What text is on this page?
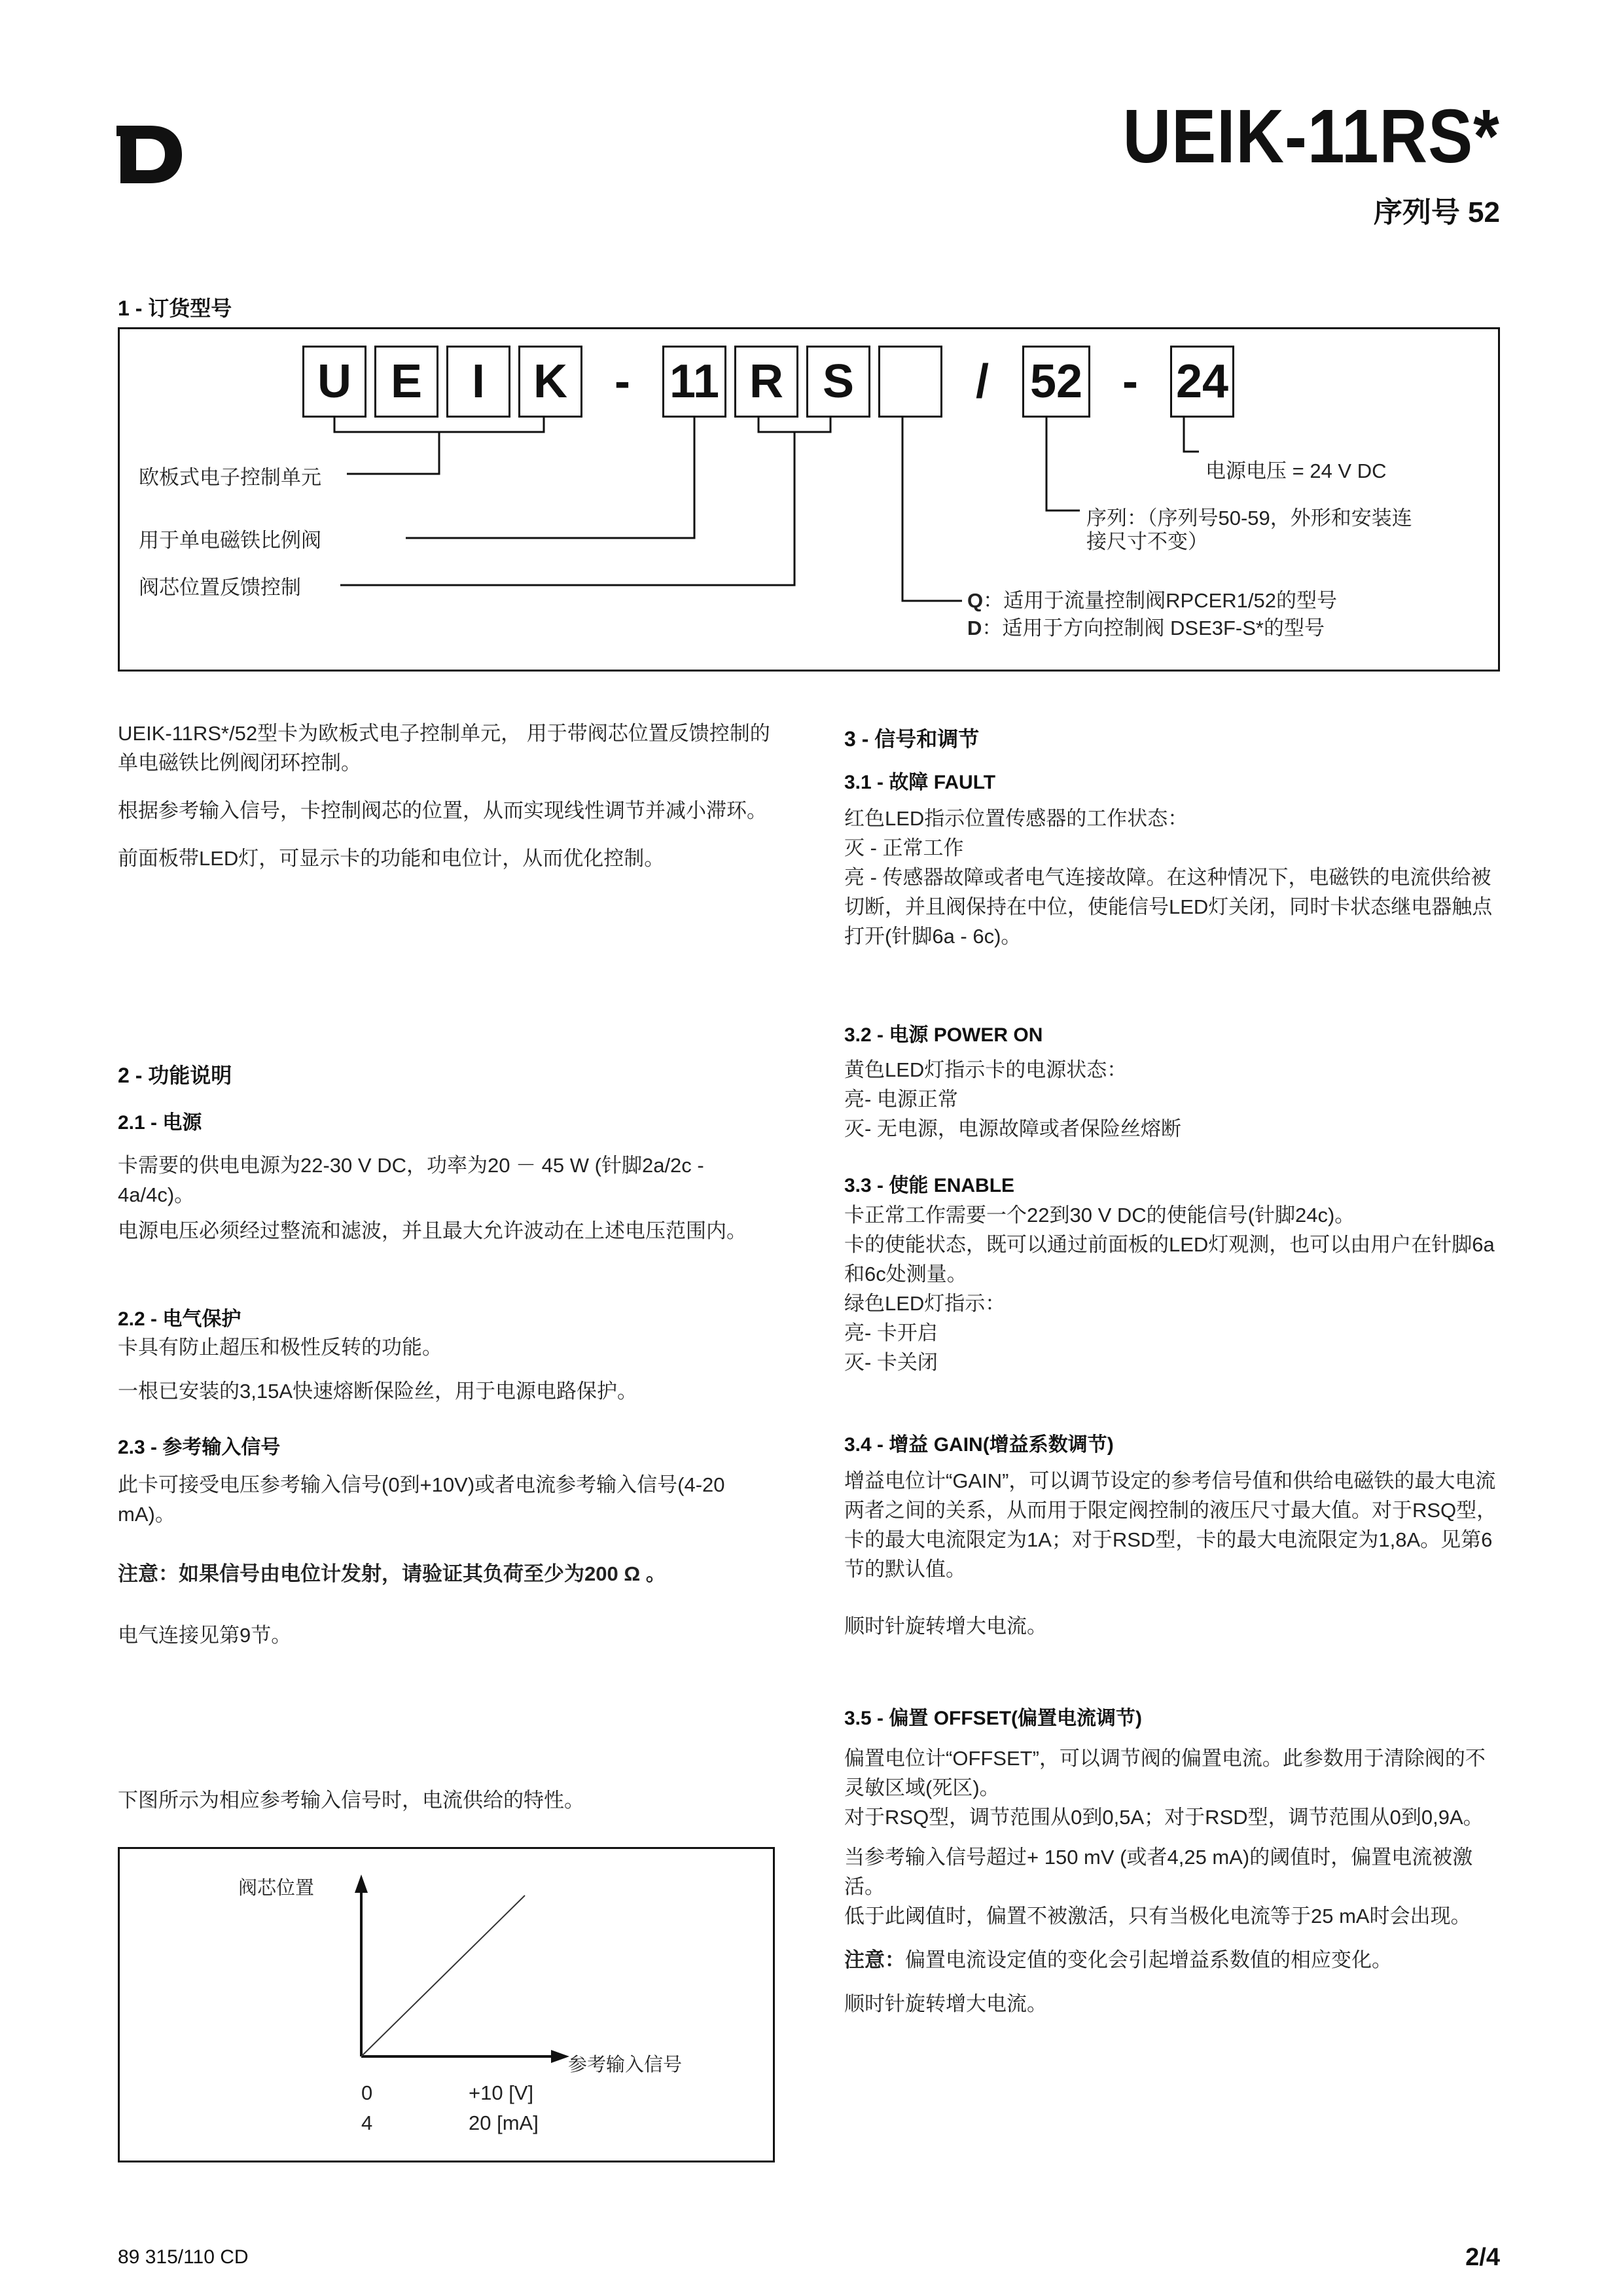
UEIK-11RS*
序列号 52
1 - 订货型号
U E	I	K	- 11 R S	/ 52 - 24
欧板式电子控制单元
用于单电磁铁比例阀
阀芯位置反馈控制
电源电压 = 24 V DC
序列：（序列号50-59，外形和安装连
接尺寸不变）
Q：适用于流量控制阀RPCER1/52的型号
D：适用于方向控制阀 DSE3F-S*的型号

UEIK-11RS*/52型卡为欧板式电子控制单元， 用于带阀芯位置反馈控制的单电磁铁比例阀闭环控制。

根据参考输入信号，卡控制阀芯的位置，从而实现线性调节并减小滞环。

前面板带LED灯，可显示卡的功能和电位计，从而优化控制。

2 - 功能说明
2.1 - 电源

卡需要的供电电源为22-30 V DC，功率为20 － 45 W (针脚2a/2c - 4a/4c)。

电源电压必须经过整流和滤波，并且最大允许波动在上述电压范围内。

2.2 - 电气保护

卡具有防止超压和极性反转的功能。

一根已安装的3,15A快速熔断保险丝，用于电源电路保护。

2.3 - 参考输入信号
此卡可接受电压参考输入信号(0到+10V)或者电流参考输入信号(4-20 mA)。
注意：如果信号由电位计发射，请验证其负荷至少为200 Ω 。
电气连接见第9节。
下图所示为相应参考输入信号时，电流供给的特性。
阀芯位置
参考输入信号
0	+10 [V]
4	20 [mA]
3 - 信号和调节
3.1 - 故障 FAULT
红色LED指示位置传感器的工作状态：
灭 - 正常工作
亮 - 传感器故障或者电气连接故障。在这种情况下，电磁铁的电流供给被切断，并且阀保持在中位，使能信号LED灯关闭，同时卡状态继电器触点打开(针脚6a - 6c)。
3.2 - 电源 POWER ON
黄色LED灯指示卡的电源状态：
亮- 电源正常
灭- 无电源，电源故障或者保险丝熔断
3.3 - 使能 ENABLE
卡正常工作需要一个22到30 V DC的使能信号(针脚24c)。
卡的使能状态，既可以通过前面板的LED灯观测，也可以由用户在针脚6a和6c处测量。
绿色LED灯指示：
亮- 卡开启
灭- 卡关闭
3.4 - 增益 GAIN(增益系数调节)

增益电位计“GAIN”，可以调节设定的参考信号值和供给电磁铁的最大电流两者之间的关系，从而用于限定阀控制的液压尺寸最大值。对于RSQ型，卡的最大电流限定为1A；对于RSD型，卡的最大电流限定为1,8A。见第6节的默认值。

顺时针旋转增大电流。

3.5 - 偏置 OFFSET(偏置电流调节)

偏置电位计“OFFSET”，可以调节阀的偏置电流。此参数用于清除阀的不灵敏区域(死区)。

对于RSQ型，调节范围从0到0,5A；对于RSD型，调节范围从0到0,9A。

当参考输入信号超过+ 150 mV (或者4,25 mA)的阈值时，偏置电流被激活。

低于此阈值时，偏置不被激活，只有当极化电流等于25 mA时会出现。

注意：偏置电流设定值的变化会引起增益系数值的相应变化。

顺时针旋转增大电流。

89 315/110 CD	2/4
